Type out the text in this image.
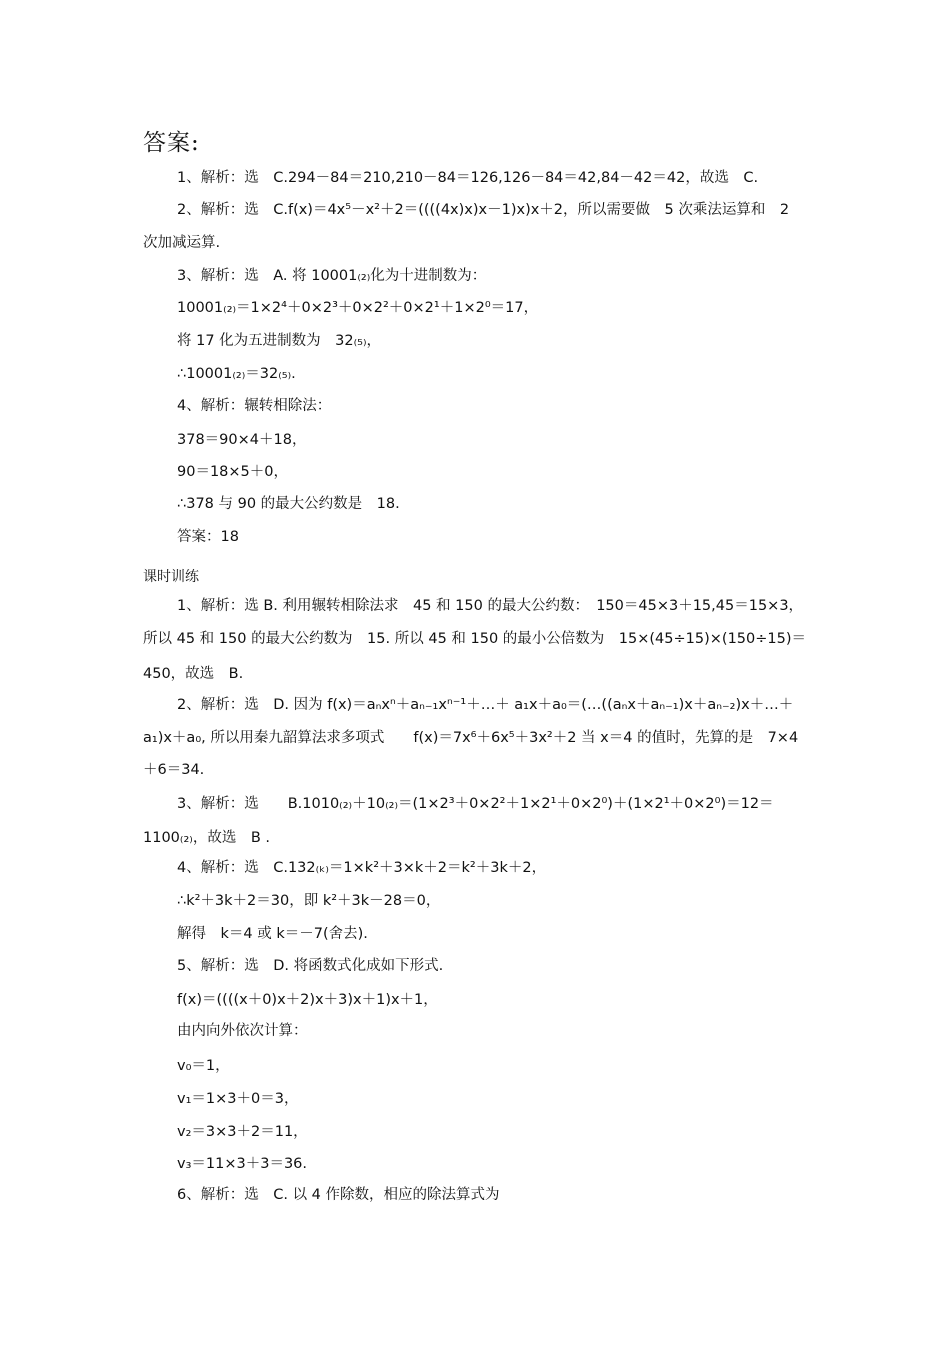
答案:
1、解析：选　C.294－84＝210,210－84＝126,126－84＝42,84－42＝42，故选　C.
2、解析：选　C.f(x)＝4x⁵－x²＋2＝((((4x)x)x－1)x)x＋2，所以需要做　5 次乘法运算和　2
次加减运算.
3、解析：选　A. 将 10001₍₂₎化为十进制数为：
10001₍₂₎＝1×2⁴＋0×2³＋0×2²＋0×2¹＋1×2⁰＝17，
将 17 化为五进制数为　32₍₅₎，
∴10001₍₂₎＝32₍₅₎.
4、解析：辗转相除法：
378＝90×4＋18，
90＝18×5＋0，
∴378 与 90 的最大公约数是　18.
答案：18
课时训练
1、解析：选 B. 利用辗转相除法求　45 和 150 的最大公约数：　150＝45×3＋15,45＝15×3，
所以 45 和 150 的最大公约数为　15. 所以 45 和 150 的最小公倍数为　15×(45÷15)×(150÷15)＝
450，故选　B.
2、解析：选　D. 因为 f(x)＝aₙxⁿ＋aₙ₋₁xⁿ⁻¹＋…＋ a₁x＋a₀＝(…((aₙx＋aₙ₋₁)x＋aₙ₋₂)x＋…＋
a₁)x＋a₀, 所以用秦九韶算法求多项式　　f(x)＝7x⁶＋6x⁵＋3x²＋2 当 x＝4 的值时，先算的是　7×4
＋6＝34.
3、解析：选　　B.1010₍₂₎＋10₍₂₎＝(1×2³＋0×2²＋1×2¹＋0×2⁰)＋(1×2¹＋0×2⁰)＝12＝
1100₍₂₎，故选　B .
4、解析：选　C.132₍ₖ₎＝1×k²＋3×k＋2＝k²＋3k＋2，
∴k²＋3k＋2＝30，即 k²＋3k－28＝0，
解得　k＝4 或 k＝－7(舍去).
5、解析：选　D. 将函数式化成如下形式.
f(x)＝((((x＋0)x＋2)x＋3)x＋1)x＋1，
由内向外依次计算：
v₀＝1，
v₁＝1×3＋0＝3，
v₂＝3×3＋2＝11，
v₃＝11×3＋3＝36.
6、解析：选　C. 以 4 作除数，相应的除法算式为
